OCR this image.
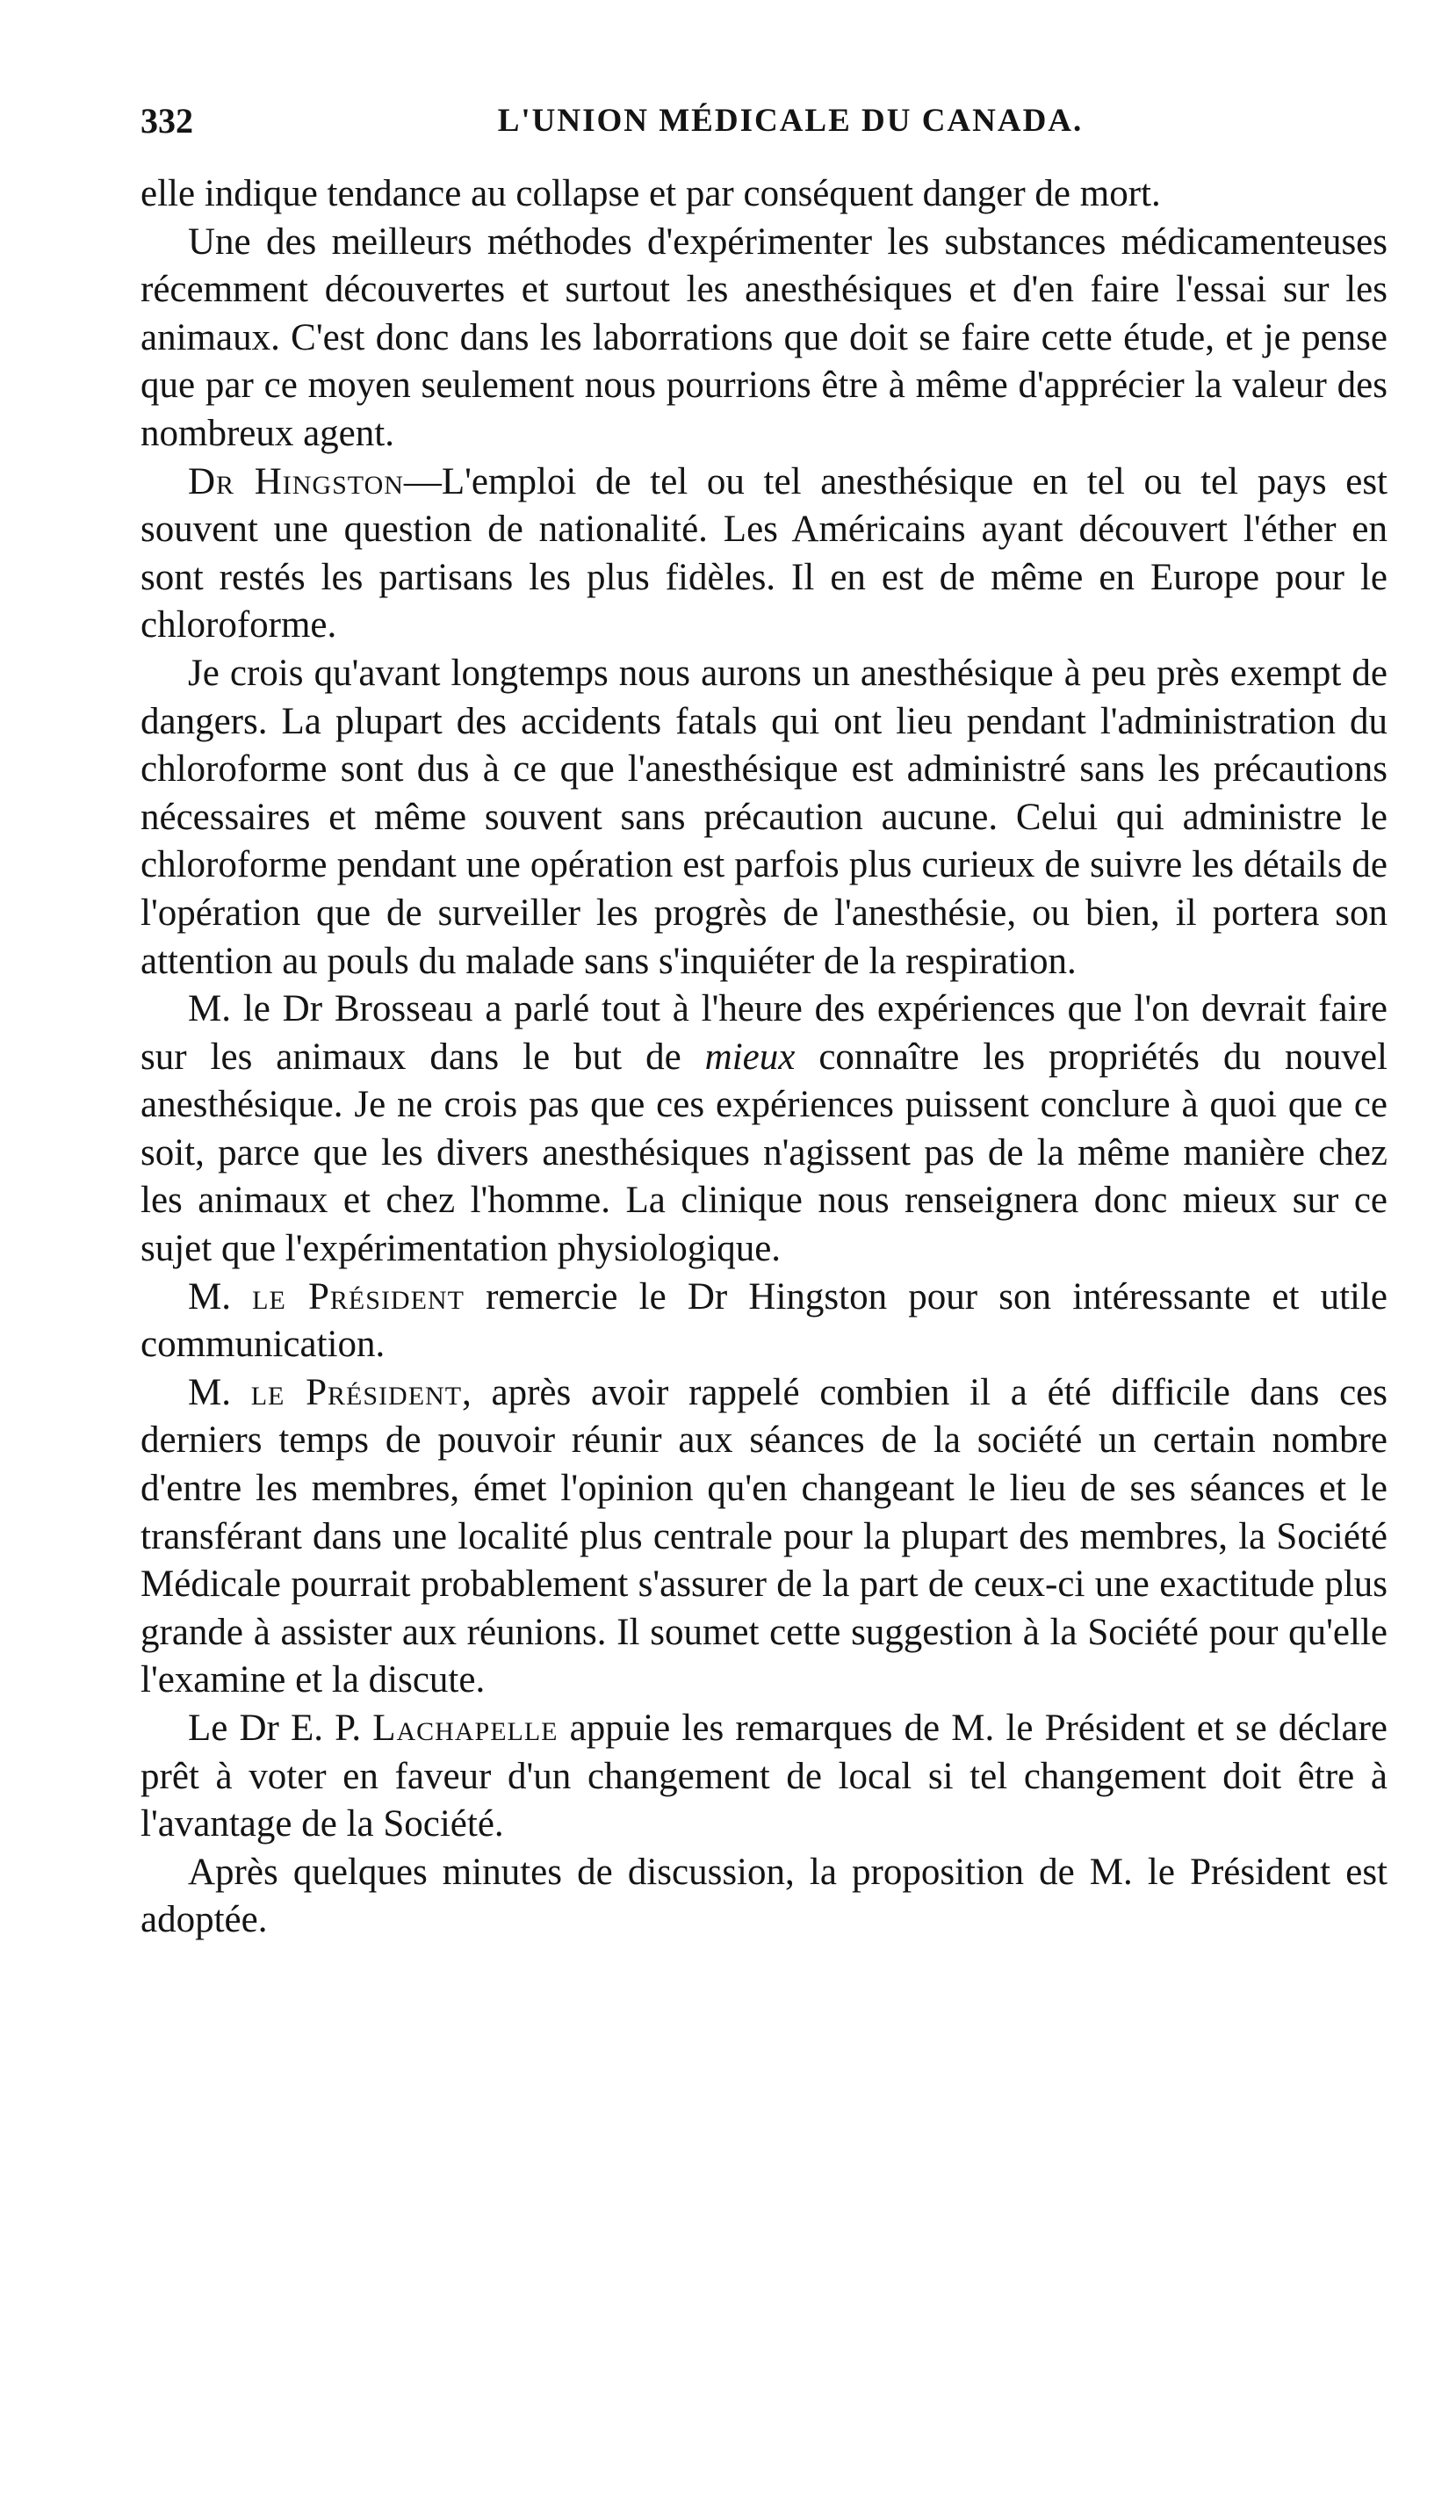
332	L'UNION MÉDICALE DU CANADA.

elle indique tendance au collapse et par conséquent danger de mort.

Une des meilleurs méthodes d'expérimenter les substances médicamenteuses récemment découvertes et surtout les anesthésiques et d'en faire l'essai sur les animaux. C'est donc dans les laborrations que doit se faire cette étude, et je pense que par ce moyen seulement nous pourrions être à même d'apprécier la valeur des nombreux agent.

Dr Hingston—L'emploi de tel ou tel anesthésique en tel ou tel pays est souvent une question de nationalité. Les Américains ayant découvert l'éther en sont restés les partisans les plus fidèles. Il en est de même en Europe pour le chloroforme.

Je crois qu'avant longtemps nous aurons un anesthésique à peu près exempt de dangers. La plupart des accidents fatals qui ont lieu pendant l'administration du chloroforme sont dus à ce que l'anesthésique est administré sans les précautions nécessaires et même souvent sans précaution aucune. Celui qui administre le chloroforme pendant une opération est parfois plus curieux de suivre les détails de l'opération que de surveiller les progrès de l'anesthésie, ou bien, il portera son attention au pouls du malade sans s'inquiéter de la respiration.

M. le Dr Brosseau a parlé tout à l'heure des expériences que l'on devrait faire sur les animaux dans le but de mieux connaître les propriétés du nouvel anesthésique. Je ne crois pas que ces expériences puissent conclure à quoi que ce soit, parce que les divers anesthésiques n'agissent pas de la même manière chez les animaux et chez l'homme. La clinique nous renseignera donc mieux sur ce sujet que l'expérimentation physiologique.

M. le Président remercie le Dr Hingston pour son intéressante et utile communication.

M. le Président, après avoir rappelé combien il a été difficile dans ces derniers temps de pouvoir réunir aux séances de la société un certain nombre d'entre les membres, émet l'opinion qu'en changeant le lieu de ses séances et le transférant dans une localité plus centrale pour la plupart des membres, la Société Médicale pourrait probablement s'assurer de la part de ceux-ci une exactitude plus grande à assister aux réunions. Il soumet cette suggestion à la Société pour qu'elle l'examine et la discute.

Le Dr E. P. Lachapelle appuie les remarques de M. le Président et se déclare prêt à voter en faveur d'un changement de local si tel changement doit être à l'avantage de la Société.

Après quelques minutes de discussion, la proposition de M. le Président est adoptée.
